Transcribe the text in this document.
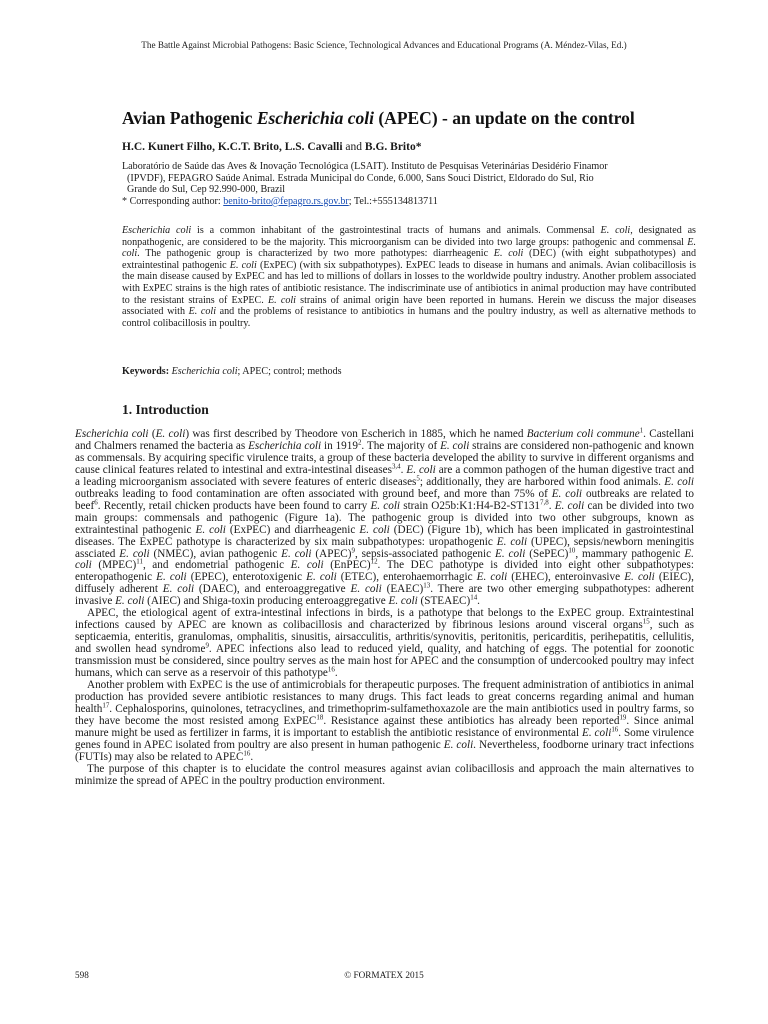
The Battle Against Microbial Pathogens: Basic Science, Technological Advances and Educational Programs (A. Méndez-Vilas, Ed.)
Avian Pathogenic Escherichia coli (APEC) - an update on the control
H.C. Kunert Filho, K.C.T. Brito, L.S. Cavalli and B.G. Brito*

Laboratório de Saúde das Aves & Inovação Tecnológica (LSAIT). Instituto de Pesquisas Veterinárias Desidério Finamor

(IPVDF), FEPAGRO Saúde Animal. Estrada Municipal do Conde, 6.000, Sans Souci District, Eldorado do Sul, Rio

Grande do Sul, Cep 92.990-000, Brazil

* Corresponding author: benito-brito@fepagro.rs.gov.br; Tel.:+555134813711

Escherichia coli is a common inhabitant of the gastrointestinal tracts of humans and animals. Commensal E. coli, designated as nonpathogenic, are considered to be the majority. This microorganism can be divided into two large groups: pathogenic and commensal E. coli. The pathogenic group is characterized by two more pathotypes: diarrheagenic E. coli (DEC) (with eight subpathotypes) and extraintestinal pathogenic E. coli (ExPEC) (with six subpathotypes). ExPEC leads to disease in humans and animals. Avian colibacillosis is the main disease caused by ExPEC and has led to millions of dollars in losses to the worldwide poultry industry. Another problem associated with ExPEC strains is the high rates of antibiotic resistance. The indiscriminate use of antibiotics in animal production may have contributed to the resistant strains of ExPEC. E. coli strains of animal origin have been reported in humans. Herein we discuss the major diseases associated with E. coli and the problems of resistance to antibiotics in humans and the poultry industry, as well as alternative methods to control colibacillosis in poultry.

Keywords: Escherichia coli; APEC; control; methods
1. Introduction

Escherichia coli (E. coli) was first described by Theodore von Escherich in 1885, which he named Bacterium coli commune$^1$. Castellani and Chalmers renamed the bacteria as Escherichia coli in 1919$^2$. The majority of E. coli strains are considered non-pathogenic and known as commensals. By acquiring specific virulence traits, a group of these bacteria developed the ability to survive in different organisms and cause clinical features related to intestinal and extra-intestinal diseases$^{3,4}$. E. coli are a common pathogen of the human digestive tract and a leading microorganism associated with severe features of enteric diseases$^5$; additionally, they are harbored within food animals. E. coli outbreaks leading to food contamination are often associated with ground beef, and more than 75% of E. coli outbreaks are related to beef$^6$. Recently, retail chicken products have been found to carry E. coli strain O25b:K1:H4-B2-ST131$^{7,8}$. E. coli can be divided into two main groups: commensals and pathogenic (Figure 1a). The pathogenic group is divided into two other subgroups, known as extraintestinal pathogenic E. coli (ExPEC) and diarrheagenic E. coli (DEC) (Figure 1b), which has been implicated in gastrointestinal diseases. The ExPEC pathotype is characterized by six main subpathotypes: uropathogenic E. coli (UPEC), sepsis/newborn meningitis assciated E. coli (NMEC), avian pathogenic E. coli (APEC)$^9$, sepsis-associated pathogenic E. coli (SePEC)$^{10}$, mammary pathogenic E. coli (MPEC)$^{11}$, and endometrial pathogenic E. coli (EnPEC)$^{12}$. The DEC pathotype is divided into eight other subpathotypes: enteropathogenic E. coli (EPEC), enterotoxigenic E. coli (ETEC), enterohaemorrhagic E. coli (EHEC), enteroinvasive E. coli (EIEC), diffusely adherent E. coli (DAEC), and enteroaggregative E. coli (EAEC)$^{13}$. There are two other emerging subpathotypes: adherent invasive E. coli (AIEC) and Shiga-toxin producing enteroaggregative E. coli (STEAEC)$^{14}$.

APEC, the etiological agent of extra-intestinal infections in birds, is a pathotype that belongs to the ExPEC group. Extraintestinal infections caused by APEC are known as colibacillosis and characterized by fibrinous lesions around visceral organs$^{15}$, such as septicaemia, enteritis, granulomas, omphalitis, sinusitis, airsacculitis, arthritis/synovitis, peritonitis, pericarditis, perihepatitis, cellulitis, and swollen head syndrome$^9$. APEC infections also lead to reduced yield, quality, and hatching of eggs. The potential for zoonotic transmission must be considered, since poultry serves as the main host for APEC and the consumption of undercooked poultry may infect humans, which can serve as a reservoir of this pathotype$^{16}$.

Another problem with ExPEC is the use of antimicrobials for therapeutic purposes. The frequent administration of antibiotics in animal production has provided severe antibiotic resistances to many drugs. This fact leads to great concerns regarding animal and human health$^{17}$. Cephalosporins, quinolones, tetracyclines, and trimethoprim-sulfamethoxazole are the main antibiotics used in poultry farms, so they have become the most resisted among ExPEC$^{18}$. Resistance against these antibiotics has already been reported$^{19}$. Since animal manure might be used as fertilizer in farms, it is important to establish the antibiotic resistance of environmental E. coli$^{16}$. Some virulence genes found in APEC isolated from poultry are also present in human pathogenic E. coli. Nevertheless, foodborne urinary tract infections (FUTIs) may also be related to APEC$^{16}$.

The purpose of this chapter is to elucidate the control measures against avian colibacillosis and approach the main alternatives to minimize the spread of APEC in the poultry production environment.

598	© FORMATEX 2015
